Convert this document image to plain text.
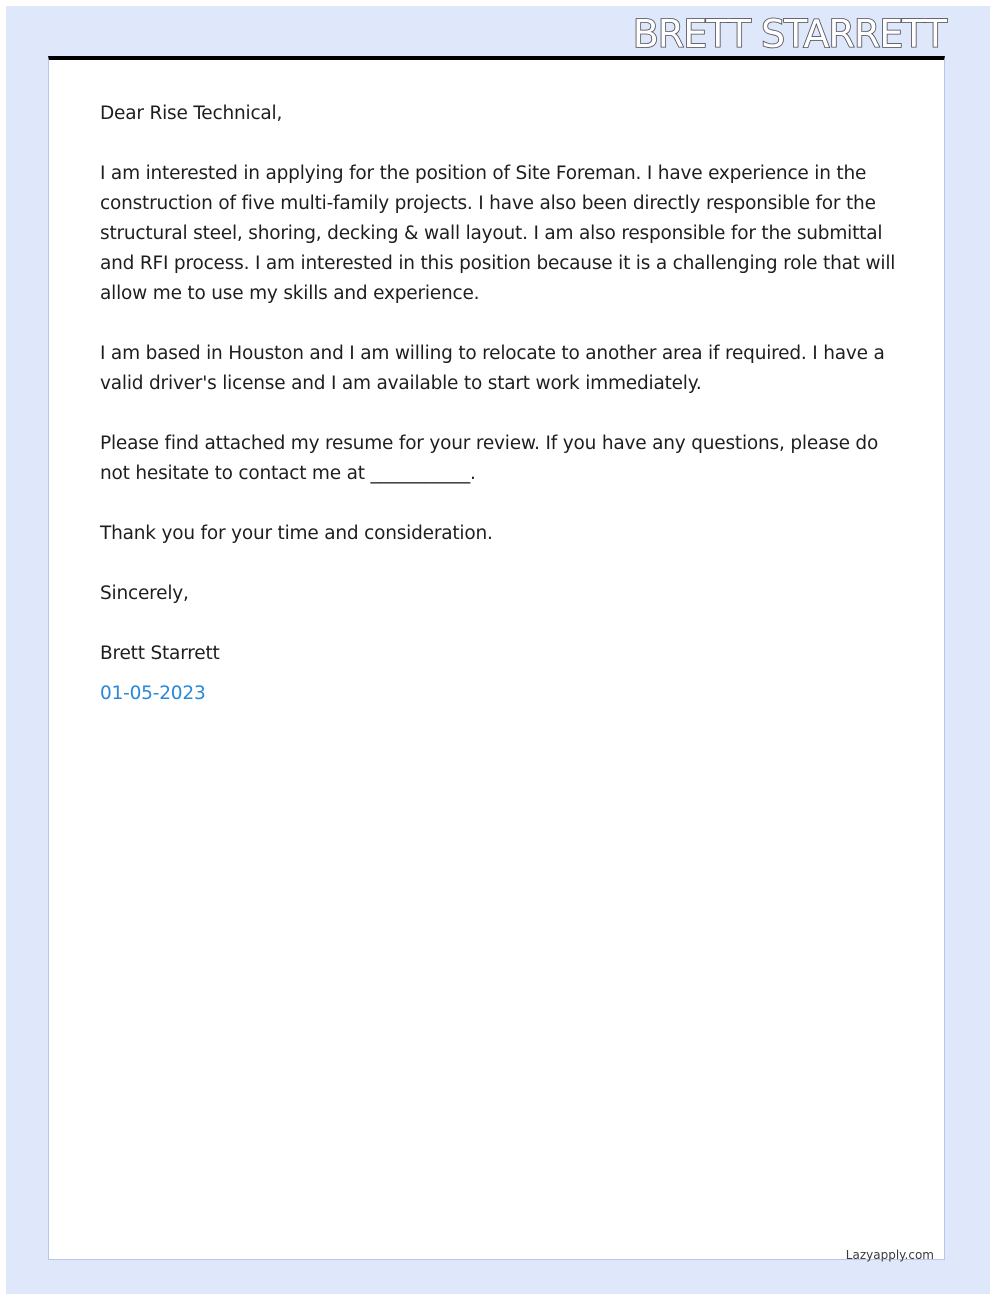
BRETT STARRETT

Dear Rise Technical,

I am interested in applying for the position of Site Foreman. I have experience in the construction of five multi-family projects. I have also been directly responsible for the structural steel, shoring, decking & wall layout. I am also responsible for the submittal and RFI process. I am interested in this position because it is a challenging role that will allow me to use my skills and experience.

I am based in Houston and I am willing to relocate to another area if required. I have a valid driver's license and I am available to start work immediately.

Please find attached my resume for your review. If you have any questions, please do not hesitate to contact me at ___________.

Thank you for your time and consideration.

Sincerely,

Brett Starrett

01-05-2023

Lazyapply.com
